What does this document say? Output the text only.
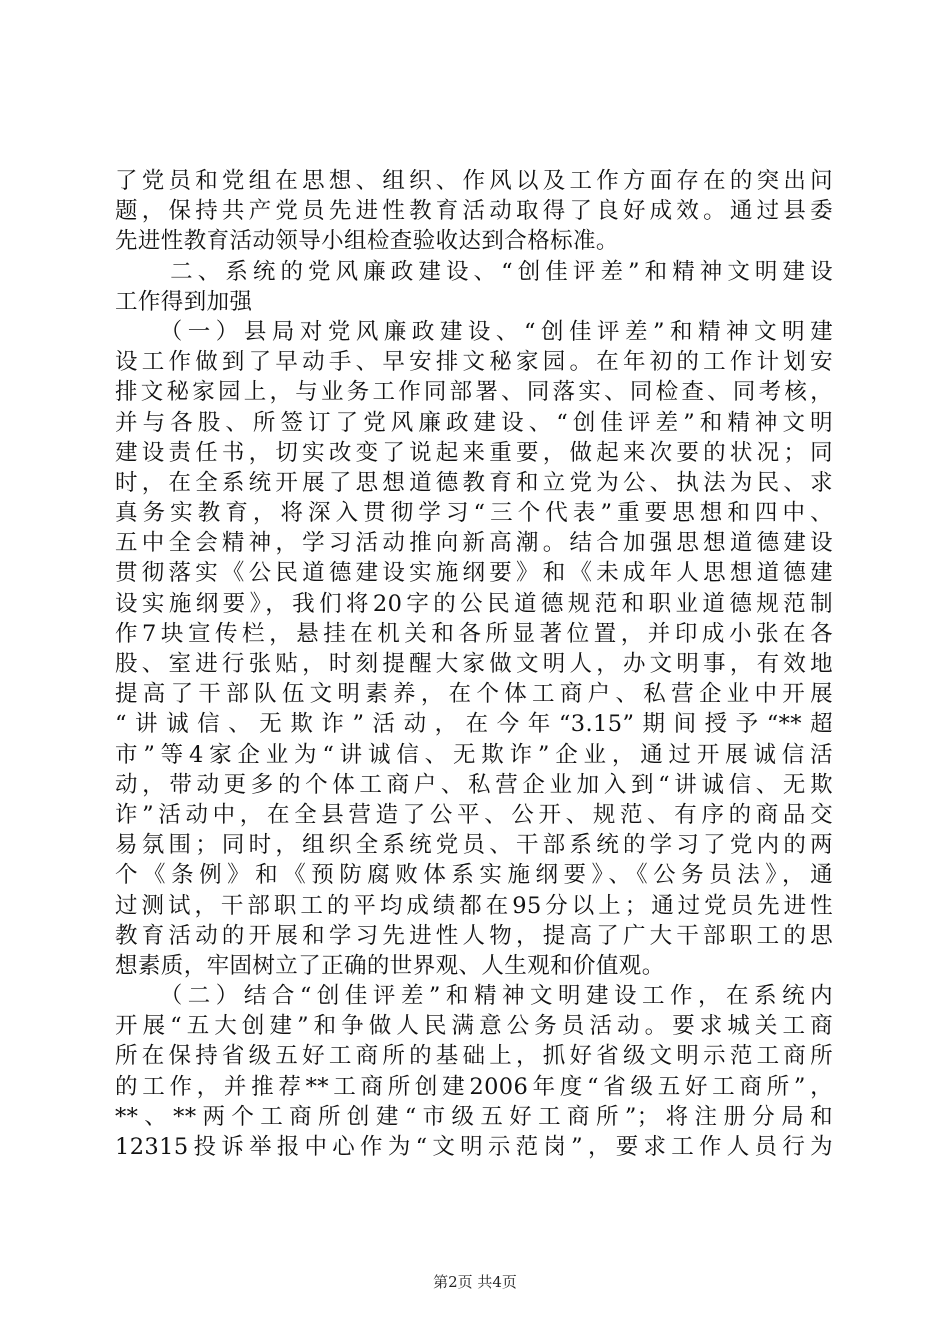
了党员和党组在思想、组织、作风以及工作方面存在的突出问
题，保持共产党员先进性教育活动取得了良好成效。通过县委
先进性教育活动领导小组检查验收达到合格标准。
　　二、系统的党风廉政建设、“创佳评差”和精神文明建设
工作得到加强
　　（一）县局对党风廉政建设、“创佳评差”和精神文明建
设工作做到了早动手、早安排文秘家园。在年初的工作计划安
排文秘家园上，与业务工作同部署、同落实、同检查、同考核，
并与各股、所签订了党风廉政建设、“创佳评差”和精神文明
建设责任书，切实改变了说起来重要，做起来次要的状况；同
时，在全系统开展了思想道德教育和立党为公、执法为民、求
真务实教育，将深入贯彻学习“三个代表”重要思想和四中、
五中全会精神，学习活动推向新高潮。结合加强思想道德建设
贯彻落实《公民道德建设实施纲要》和《未成年人思想道德建
设实施纲要》，我们将20字的公民道德规范和职业道德规范制
作7块宣传栏，悬挂在机关和各所显著位置，并印成小张在各
股、室进行张贴，时刻提醒大家做文明人，办文明事，有效地
提高了干部队伍文明素养，在个体工商户、私营企业中开展
“讲诚信、无欺诈”活动，在今年“3.15”期间授予“**超
市”等4家企业为“讲诚信、无欺诈”企业，通过开展诚信活
动，带动更多的个体工商户、私营企业加入到“讲诚信、无欺
诈”活动中，在全县营造了公平、公开、规范、有序的商品交
易氛围；同时，组织全系统党员、干部系统的学习了党内的两
个《条例》和《预防腐败体系实施纲要》、《公务员法》，通
过测试，干部职工的平均成绩都在95分以上；通过党员先进性
教育活动的开展和学习先进性人物，提高了广大干部职工的思
想素质，牢固树立了正确的世界观、人生观和价值观。
　　（二）结合“创佳评差”和精神文明建设工作，在系统内
开展“五大创建”和争做人民满意公务员活动。要求城关工商
所在保持省级五好工商所的基础上，抓好省级文明示范工商所
的工作，并推荐**工商所创建2006年度“省级五好工商所”，
**、**两个工商所创建“市级五好工商所”；将注册分局和
12315投诉举报中心作为“文明示范岗”，要求工作人员行为
第2页 共4页
